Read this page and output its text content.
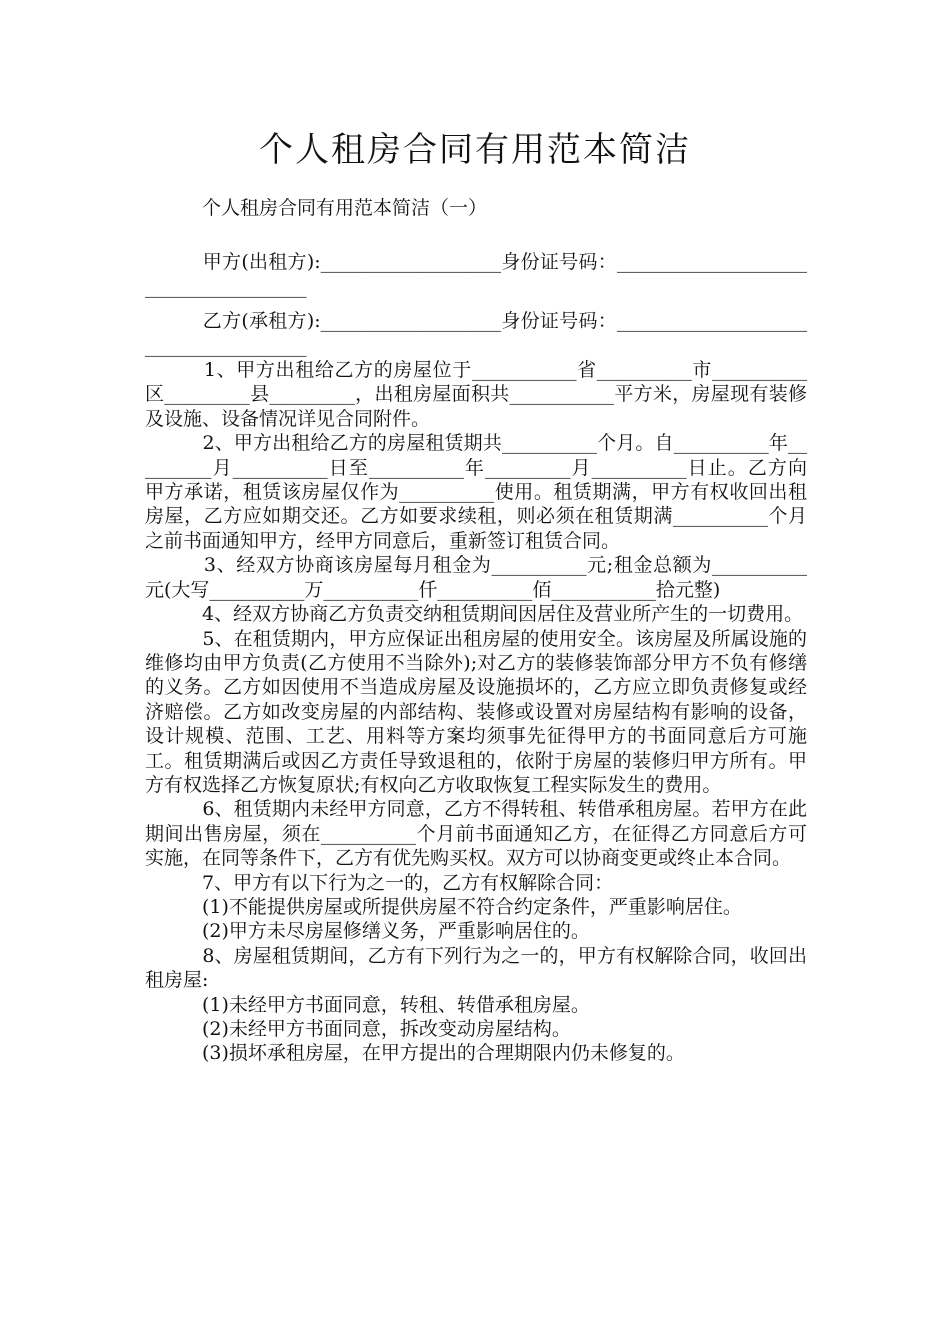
个人租房合同有用范本简洁

　　　个人租房合同有用范本简洁（一）

　　　甲方(出租方):___________________身份证号码：_____________________________________

　　　乙方(承租方):___________________身份证号码：_____________________________________

　　　1、甲方出租给乙方的房屋位于___________省__________市__________区_________县_________，出租房屋面积共___________平方米，房屋现有装修及设施、设备情况详见合同附件。

　　　2、甲方出租给乙方的房屋租赁期共__________个月。自__________年_________月__________日至__________年_________月__________日止。乙方向甲方承诺，租赁该房屋仅作为__________使用。租赁期满，甲方有权收回出租房屋，乙方应如期交还。乙方如要求续租，则必须在租赁期满__________个月之前书面通知甲方，经甲方同意后，重新签订租赁合同。

　　　3、经双方协商该房屋每月租金为__________元;租金总额为__________元(大写__________万__________仟__________佰___________拾元整)

　　　4、经双方协商乙方负责交纳租赁期间因居住及营业所产生的一切费用。

　　　5、在租赁期内，甲方应保证出租房屋的使用安全。该房屋及所属设施的维修均由甲方负责(乙方使用不当除外);对乙方的装修装饰部分甲方不负有修缮的义务。乙方如因使用不当造成房屋及设施损坏的，乙方应立即负责修复或经济赔偿。乙方如改变房屋的内部结构、装修或设置对房屋结构有影响的设备，设计规模、范围、工艺、用料等方案均须事先征得甲方的书面同意后方可施工。租赁期满后或因乙方责任导致退租的，依附于房屋的装修归甲方所有。甲方有权选择乙方恢复原状;有权向乙方收取恢复工程实际发生的费用。

　　　6、租赁期内未经甲方同意，乙方不得转租、转借承租房屋。若甲方在此期间出售房屋，须在__________个月前书面通知乙方，在征得乙方同意后方可实施，在同等条件下，乙方有优先购买权。双方可以协商变更或终止本合同。

　　　7、甲方有以下行为之一的，乙方有权解除合同：

　　　(1)不能提供房屋或所提供房屋不符合约定条件，严重影响居住。

　　　(2)甲方未尽房屋修缮义务，严重影响居住的。

　　　8、房屋租赁期间，乙方有下列行为之一的，甲方有权解除合同，收回出租房屋:

　　　(1)未经甲方书面同意，转租、转借承租房屋。

　　　(2)未经甲方书面同意，拆改变动房屋结构。

　　　(3)损坏承租房屋，在甲方提出的合理期限内仍未修复的。
